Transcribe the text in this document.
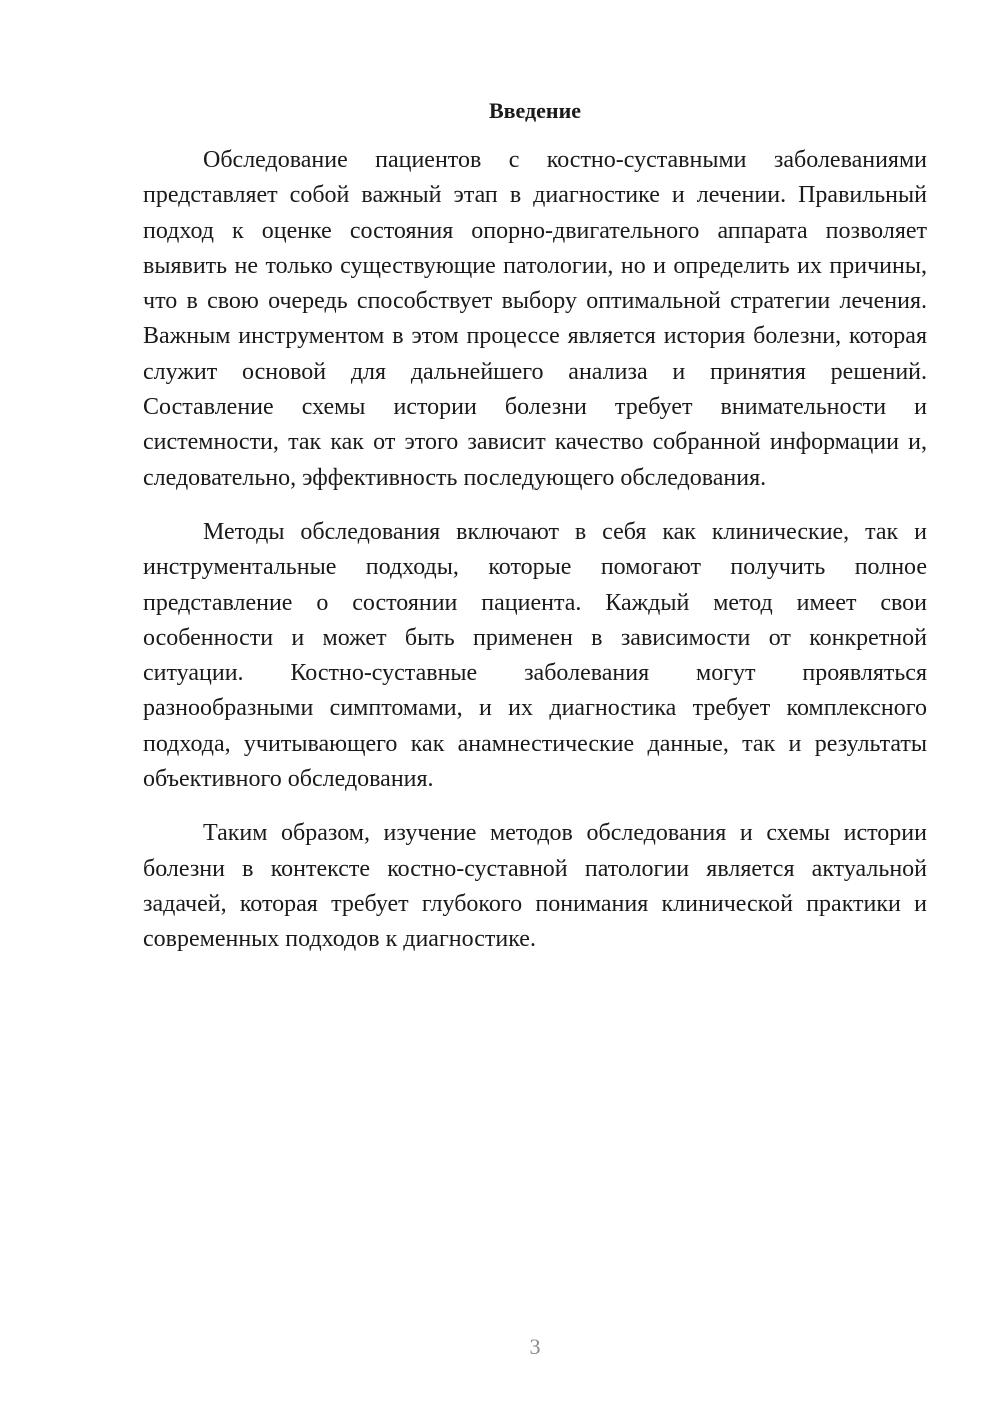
Введение

Обследование пациентов с костно-суставными заболеваниями представляет собой важный этап в диагностике и лечении. Правильный подход к оценке состояния опорно-двигательного аппарата позволяет выявить не только существующие патологии, но и определить их причины, что в свою очередь способствует выбору оптимальной стратегии лечения. Важным инструментом в этом процессе является история болезни, которая служит основой для дальнейшего анализа и принятия решений. Составление схемы истории болезни требует внимательности и системности, так как от этого зависит качество собранной информации и, следовательно, эффективность последующего обследования.

Методы обследования включают в себя как клинические, так и инструментальные подходы, которые помогают получить полное представление о состоянии пациента. Каждый метод имеет свои особенности и может быть применен в зависимости от конкретной ситуации. Костно-суставные заболевания могут проявляться разнообразными симптомами, и их диагностика требует комплексного подхода, учитывающего как анамнестические данные, так и результаты объективного обследования.

Таким образом, изучение методов обследования и схемы истории болезни в контексте костно-суставной патологии является актуальной задачей, которая требует глубокого понимания клинической практики и современных подходов к диагностике.

3
